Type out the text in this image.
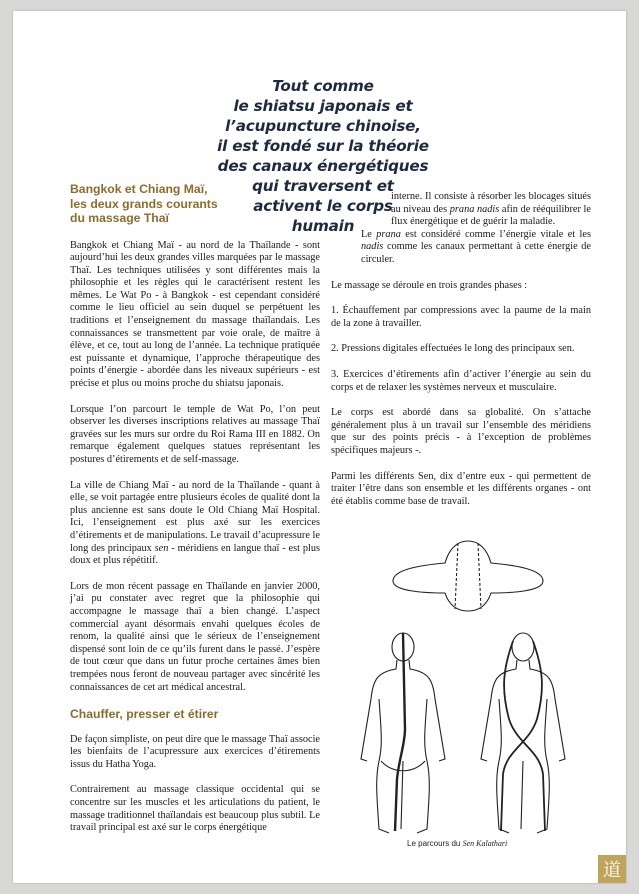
Tout comme
le shiatsu japonais et
l’acupuncture chinoise,
il est fondé sur la théorie
des canaux énergétiques
qui traversent et
activent le corps
humain
Bangkok et Chiang Maï,
les deux grands courants
du massage Thaï

Bangkok et Chiang Maï - au nord de la Thaïlande - sont aujourd’hui les deux grandes villes marquées par le massage Thaï. Les techniques utilisées y sont différentes mais la philosophie et les règles qui le caractérisent restent les mêmes. Le Wat Po - à Bangkok - est cependant considéré comme le lieu officiel au sein duquel se perpétuent les traditions et l’enseignement du massage thaïlandais. Les connaissances se transmettent par voie orale, de maître à élève, et ce, tout au long de l’année. La technique pratiquée est puissante et dynamique, l’approche thérapeutique des points d’énergie - abordée dans les niveaux supérieurs - est précise et plus ou moins proche du shiatsu japonais.

Lorsque l’on parcourt le temple de Wat Po, l’on peut observer les diverses inscriptions relatives au massage Thaï gravées sur les murs sur ordre du Roi Rama III en 1882. On remarque également quelques statues représentant les postures d’étirements et de self-massage.

La ville de Chiang Maï - au nord de la Thaïlande - quant à elle, se voit partagée entre plusieurs écoles de qualité dont la plus ancienne est sans doute le Old Chiang Maï Hospital. Ici, l’enseignement est plus axé sur les exercices d’étirements et de manipulations. Le travail d’acupressure le long des principaux sen - méridiens en langue thaï - est plus doux et plus répétitif.

Lors de mon récent passage en Thaïlande en janvier 2000, j’ai pu constater avec regret que la philosophie qui accompagne le massage thaï a bien changé. L’aspect commercial ayant désormais envahi quelques écoles de renom, la qualité ainsi que le sérieux de l’enseignement dispensé sont loin de ce qu’ils furent dans le passé. J’espère de tout cœur que dans un futur proche certaines âmes bien trempées nous feront de nouveau partager avec sincérité les connaissances de cet art médical ancestral.

Chauffer, presser et étirer

De façon simpliste, on peut dire que le massage Thaï associe les bienfaits de l’acupressure aux exercices d’étirements issus du Hatha Yoga.

Contrairement au massage classique occidental qui se concentre sur les muscles et les articulations du patient, le massage traditionnel thaïlandais est beaucoup plus subtil. Le travail principal est axé sur le corps énergétique

interne. Il consiste à résorber les blocages situés au niveau des prana nadis afin de rééquilibrer le flux énergétique et de guérir la maladie.

Le prana est considéré comme l’énergie vitale et les nadis comme les canaux permettant à cette énergie de circuler.

Le massage se déroule en trois grandes phases :

1. Échauffement par compressions avec la paume de la main de la zone à travailler.

2. Pressions digitales effectuées le long des principaux sen.

3. Exercices d’étirements afin d’activer l’énergie au sein du corps et de relaxer les systèmes nerveux et musculaire.

Le corps est abordé dans sa globalité. On s’attache généralement plus à un travail sur l’ensemble des méridiens que sur des points précis - à l’exception de problèmes spécifiques majeurs -.

Parmi les différents Sen, dix d’entre eux - qui permettent de traiter l’être dans son ensemble et les différents organes - ont été établis comme base de travail.

Le parcours du Sen Kalathari
道
